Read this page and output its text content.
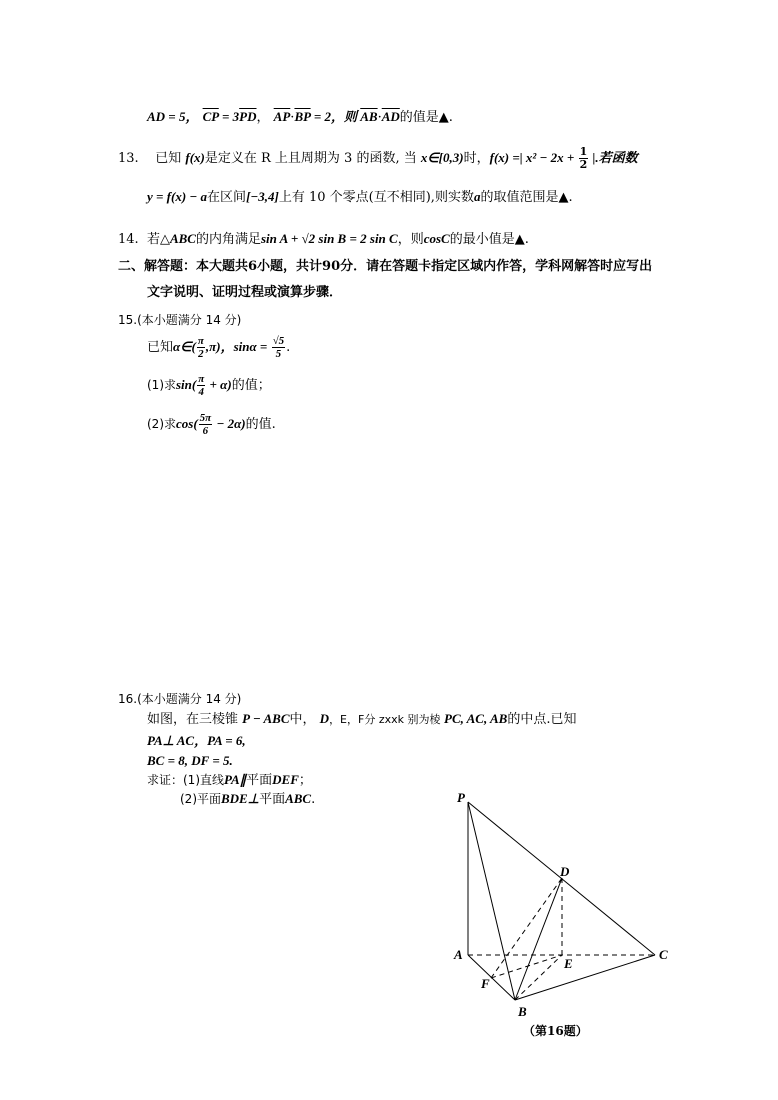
AD = 5， $\overline{CP} = 3\overline{PD}$， $\overline{AP}\cdot\overline{BP} = 2$，则 $\overline{AB}\cdot\overline{AD}$的值是▲.
13. 已知 f(x)是定义在 R 上且周期为 3 的函数, 当 x∈[0,3)时，f(x) =| $x^2 - 2x + \frac{1}{2}$ |.若函数
y = f(x) − a在区间[−3,4]上有 10 个零点(互不相同),则实数a的取值范围是▲.
14. 若△ABC的内角满足sin A + √2 sin B = 2 sin C，则cosC的最小值是▲.
二、解答题：本大题共6小题，共计90分．请在答题卡指定区域内作答，学科网解答时应写出
文字说明、证明过程或演算步骤．
15.(本小题满分 14 分)
已知α∈( $\frac{\pi}{2} ,\pi$)，$\sin\alpha = \frac{√5}{5}$ .
(1)求$\sin( \frac{\pi}{4} + \alpha)$的值；
(2)求$\cos( \frac{5\pi}{6} - 2\alpha)$的值.
16.(本小题满分 14 分)
如图，在三棱锥 P − ABC中， D，E，F分 zxxk 别为棱 PC, AC, AB的中点.已知
PA⊥ AC，PA = 6,
BC = 8, DF = 5.
求证：(1)直线PA∥平面DEF；
(2)平面BDE⊥平面ABC.	P
A
B
C
D
E
F
（第16题）
